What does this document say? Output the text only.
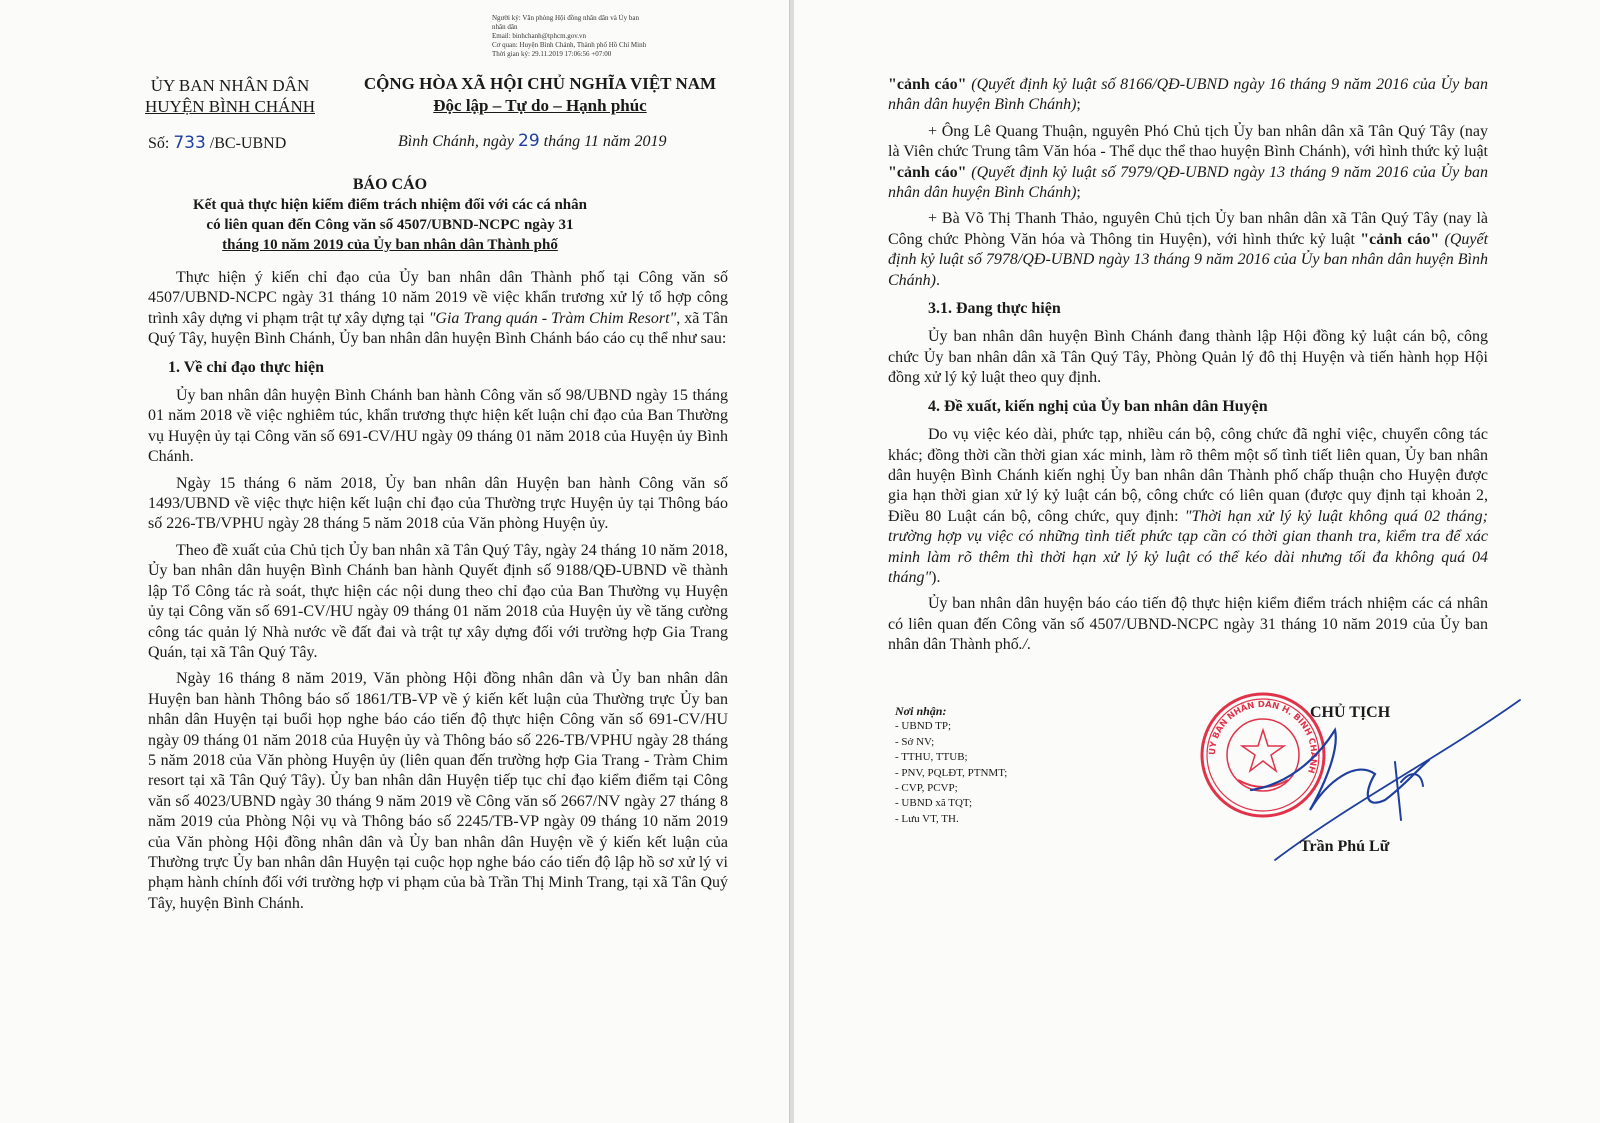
Người ký: Văn phòng Hội đồng nhân dân và Ủy ban
nhân dân
Email: binhchanh@tphcm.gov.vn
Cơ quan: Huyện Bình Chánh, Thành phố Hồ Chí Minh
Thời gian ký: 29.11.2019 17:06:56 +07:00
ỦY BAN NHÂN DÂN
HUYỆN BÌNH CHÁNH
CỘNG HÒA XÃ HỘI CHỦ NGHĨA VIỆT NAM
Độc lập – Tự do – Hạnh phúc
Số: 733 /BC-UBND	Bình Chánh, ngày 29 tháng 11 năm 2019
BÁO CÁO
Kết quả thực hiện kiểm điểm trách nhiệm đối với các cá nhân
có liên quan đến Công văn số 4507/UBND-NCPC ngày 31
tháng 10 năm 2019 của Ủy ban nhân dân Thành phố

Thực hiện ý kiến chỉ đạo của Ủy ban nhân dân Thành phố tại Công văn số 4507/UBND-NCPC ngày 31 tháng 10 năm 2019 về việc khẩn trương xử lý tổ hợp công trình xây dựng vi phạm trật tự xây dựng tại "Gia Trang quán - Tràm Chim Resort", xã Tân Quý Tây, huyện Bình Chánh, Ủy ban nhân dân huyện Bình Chánh báo cáo cụ thể như sau:

1. Về chỉ đạo thực hiện

Ủy ban nhân dân huyện Bình Chánh ban hành Công văn số 98/UBND ngày 15 tháng 01 năm 2018 về việc nghiêm túc, khẩn trương thực hiện kết luận chỉ đạo của Ban Thường vụ Huyện ủy tại Công văn số 691-CV/HU ngày 09 tháng 01 năm 2018 của Huyện ủy Bình Chánh.

Ngày 15 tháng 6 năm 2018, Ủy ban nhân dân Huyện ban hành Công văn số 1493/UBND về việc thực hiện kết luận chỉ đạo của Thường trực Huyện ủy tại Thông báo số 226-TB/VPHU ngày 28 tháng 5 năm 2018 của Văn phòng Huyện ủy.

Theo đề xuất của Chủ tịch Ủy ban nhân xã Tân Quý Tây, ngày 24 tháng 10 năm 2018, Ủy ban nhân dân huyện Bình Chánh ban hành Quyết định số 9188/QĐ-UBND về thành lập Tổ Công tác rà soát, thực hiện các nội dung theo chỉ đạo của Ban Thường vụ Huyện ủy tại Công văn số 691-CV/HU ngày 09 tháng 01 năm 2018 của Huyện ủy về tăng cường công tác quản lý Nhà nước về đất đai và trật tự xây dựng đối với trường hợp Gia Trang Quán, tại xã Tân Quý Tây.

Ngày 16 tháng 8 năm 2019, Văn phòng Hội đồng nhân dân và Ủy ban nhân dân Huyện ban hành Thông báo số 1861/TB-VP về ý kiến kết luận của Thường trực Ủy ban nhân dân Huyện tại buổi họp nghe báo cáo tiến độ thực hiện Công văn số 691-CV/HU ngày 09 tháng 01 năm 2018 của Huyện ủy và Thông báo số 226-TB/VPHU ngày 28 tháng 5 năm 2018 của Văn phòng Huyện ủy (liên quan đến trường hợp Gia Trang - Tràm Chim resort tại xã Tân Quý Tây). Ủy ban nhân dân Huyện tiếp tục chỉ đạo kiểm điểm tại Công văn số 4023/UBND ngày 30 tháng 9 năm 2019 về Công văn số 2667/NV ngày 27 tháng 8 năm 2019 của Phòng Nội vụ và Thông báo số 2245/TB-VP ngày 09 tháng 10 năm 2019 của Văn phòng Hội đồng nhân dân và Ủy ban nhân dân Huyện về ý kiến kết luận của Thường trực Ủy ban nhân dân Huyện tại cuộc họp nghe báo cáo tiến độ lập hồ sơ xử lý vi phạm hành chính đối với trường hợp vi phạm của bà Trần Thị Minh Trang, tại xã Tân Quý Tây, huyện Bình Chánh.

"cảnh cáo" (Quyết định kỷ luật số 8166/QĐ-UBND ngày 16 tháng 9 năm 2016 của Ủy ban nhân dân huyện Bình Chánh);

+ Ông Lê Quang Thuận, nguyên Phó Chủ tịch Ủy ban nhân dân xã Tân Quý Tây (nay là Viên chức Trung tâm Văn hóa - Thể dục thể thao huyện Bình Chánh), với hình thức kỷ luật "cảnh cáo" (Quyết định kỷ luật số 7979/QĐ-UBND ngày 13 tháng 9 năm 2016 của Ủy ban nhân dân huyện Bình Chánh);

+ Bà Võ Thị Thanh Thảo, nguyên Chủ tịch Ủy ban nhân dân xã Tân Quý Tây (nay là Công chức Phòng Văn hóa và Thông tin Huyện), với hình thức kỷ luật "cảnh cáo" (Quyết định kỷ luật số 7978/QĐ-UBND ngày 13 tháng 9 năm 2016 của Ủy ban nhân dân huyện Bình Chánh).

3.1. Đang thực hiện

Ủy ban nhân dân huyện Bình Chánh đang thành lập Hội đồng kỷ luật cán bộ, công chức Ủy ban nhân dân xã Tân Quý Tây, Phòng Quản lý đô thị Huyện và tiến hành họp Hội đồng xử lý kỷ luật theo quy định.

4. Đề xuất, kiến nghị của Ủy ban nhân dân Huyện

Do vụ việc kéo dài, phức tạp, nhiều cán bộ, công chức đã nghỉ việc, chuyển công tác khác; đồng thời cần thời gian xác minh, làm rõ thêm một số tình tiết liên quan, Ủy ban nhân dân huyện Bình Chánh kiến nghị Ủy ban nhân dân Thành phố chấp thuận cho Huyện được gia hạn thời gian xử lý kỷ luật cán bộ, công chức có liên quan (được quy định tại khoản 2, Điều 80 Luật cán bộ, công chức, quy định: "Thời hạn xử lý kỷ luật không quá 02 tháng; trường hợp vụ việc có những tình tiết phức tạp cần có thời gian thanh tra, kiểm tra để xác minh làm rõ thêm thì thời hạn xử lý kỷ luật có thể kéo dài nhưng tối đa không quá 04 tháng").

Ủy ban nhân dân huyện báo cáo tiến độ thực hiện kiểm điểm trách nhiệm các cá nhân có liên quan đến Công văn số 4507/UBND-NCPC ngày 31 tháng 10 năm 2019 của Ủy ban nhân dân Thành phố./.

Nơi nhận:
- UBND TP;
- Sở NV;
- TTHU, TTUB;
- PNV, PQLĐT, PTNMT;
- CVP, PCVP;
- UBND xã TQT;
- Lưu VT, TH.
CHỦ TỊCH
ỦY BAN NHÂN DÂN H. BÌNH CHÁNH
Trần Phú Lữ
